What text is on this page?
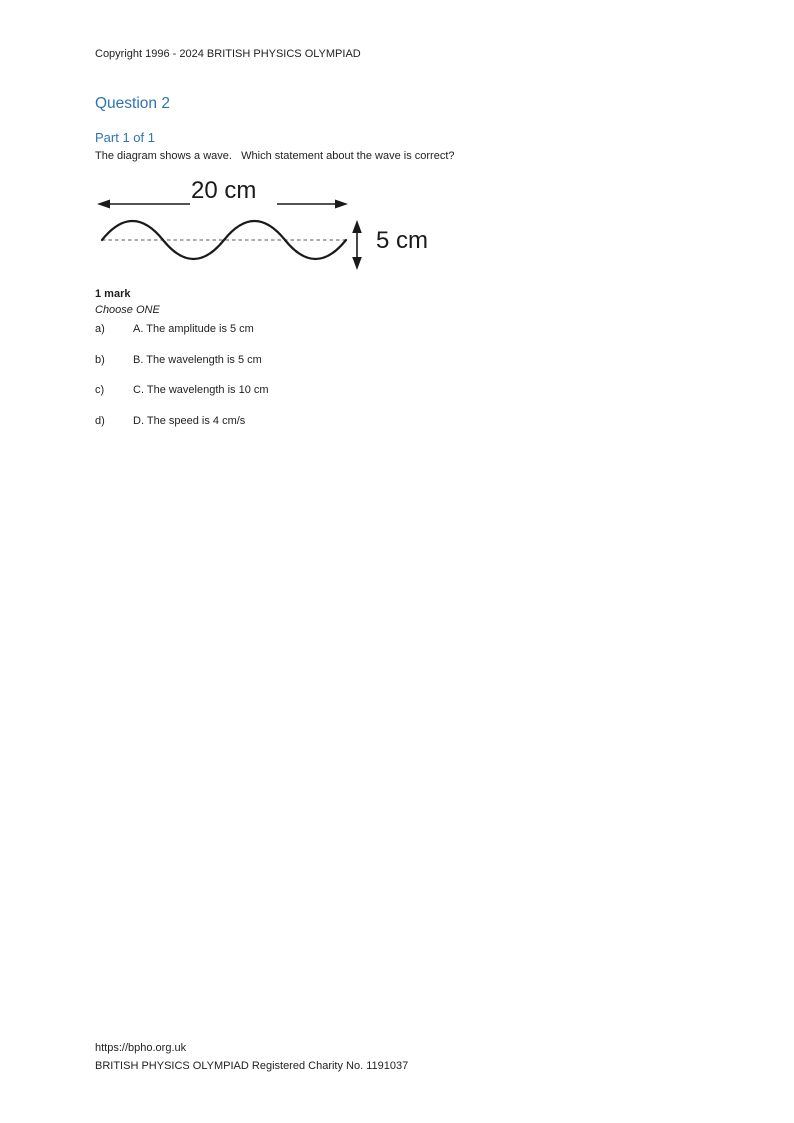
Copyright 1996 - 2024 BRITISH PHYSICS OLYMPIAD
Question 2
Part 1 of 1
The diagram shows a wave.   Which statement about the wave is correct?
20 cm
5 cm
1 mark
Choose ONE
a)	A. The amplitude is 5 cm
b)	B. The wavelength is 5 cm
c)	C. The wavelength is 10 cm
d)	D. The speed is 4 cm/s
https://bpho.org.uk
BRITISH PHYSICS OLYMPIAD Registered Charity No. 1191037
